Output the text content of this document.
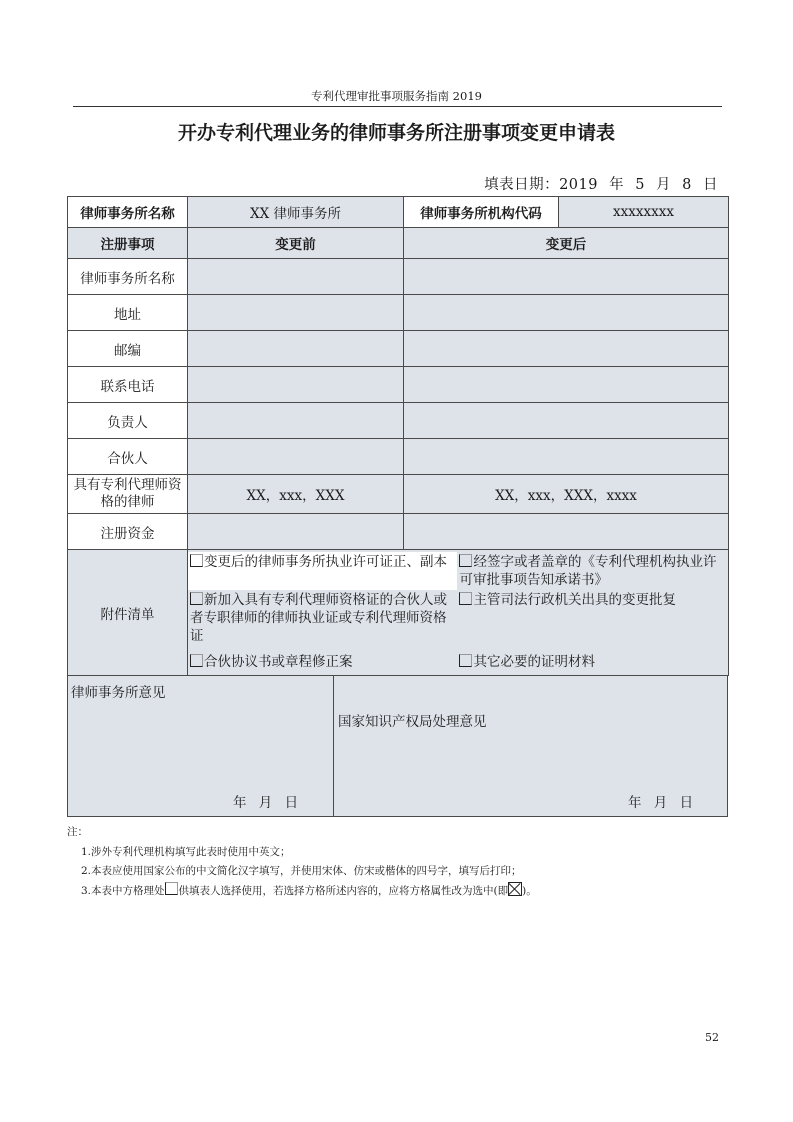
专利代理审批事项服务指南 2019
开办专利代理业务的律师事务所注册事项变更申请表
填表日期：2019 年 5 月 8 日
律师事务所名称	XX 律师事务所	律师事务所机构代码	xxxxxxxx
注册事项	变更前	变更后
律师事务所名称		
地址		
邮编		
联系电话		
负责人		
合伙人		
具有专利代理师资格的律师	XX，xxx，XXX	XX，xxx，XXX，xxxx
注册资金		
附件清单	
变更后的律师事务所执业许可证正、副本	经签字或者盖章的《专利代理机构执业许可审批事项告知承诺书》
新加入具有专利代理师资格证的合伙人或者专职律师的律师执业证或专利代理师资格证	主管司法行政机关出具的变更批复
合伙协议书或章程修正案	其它必要的证明材料
律师事务所意见
国家知识产权局处理意见
年 月 日	年 月 日
注：
1.涉外专利代理机构填写此表时使用中英文；
2.本表应使用国家公布的中文简化汉字填写，并使用宋体、仿宋或楷体的四号字，填写后打印；
3.本表中方格理处 供填表人选择使用，若选择方格所述内容的，应将方格属性改为选中(即 )。
52
